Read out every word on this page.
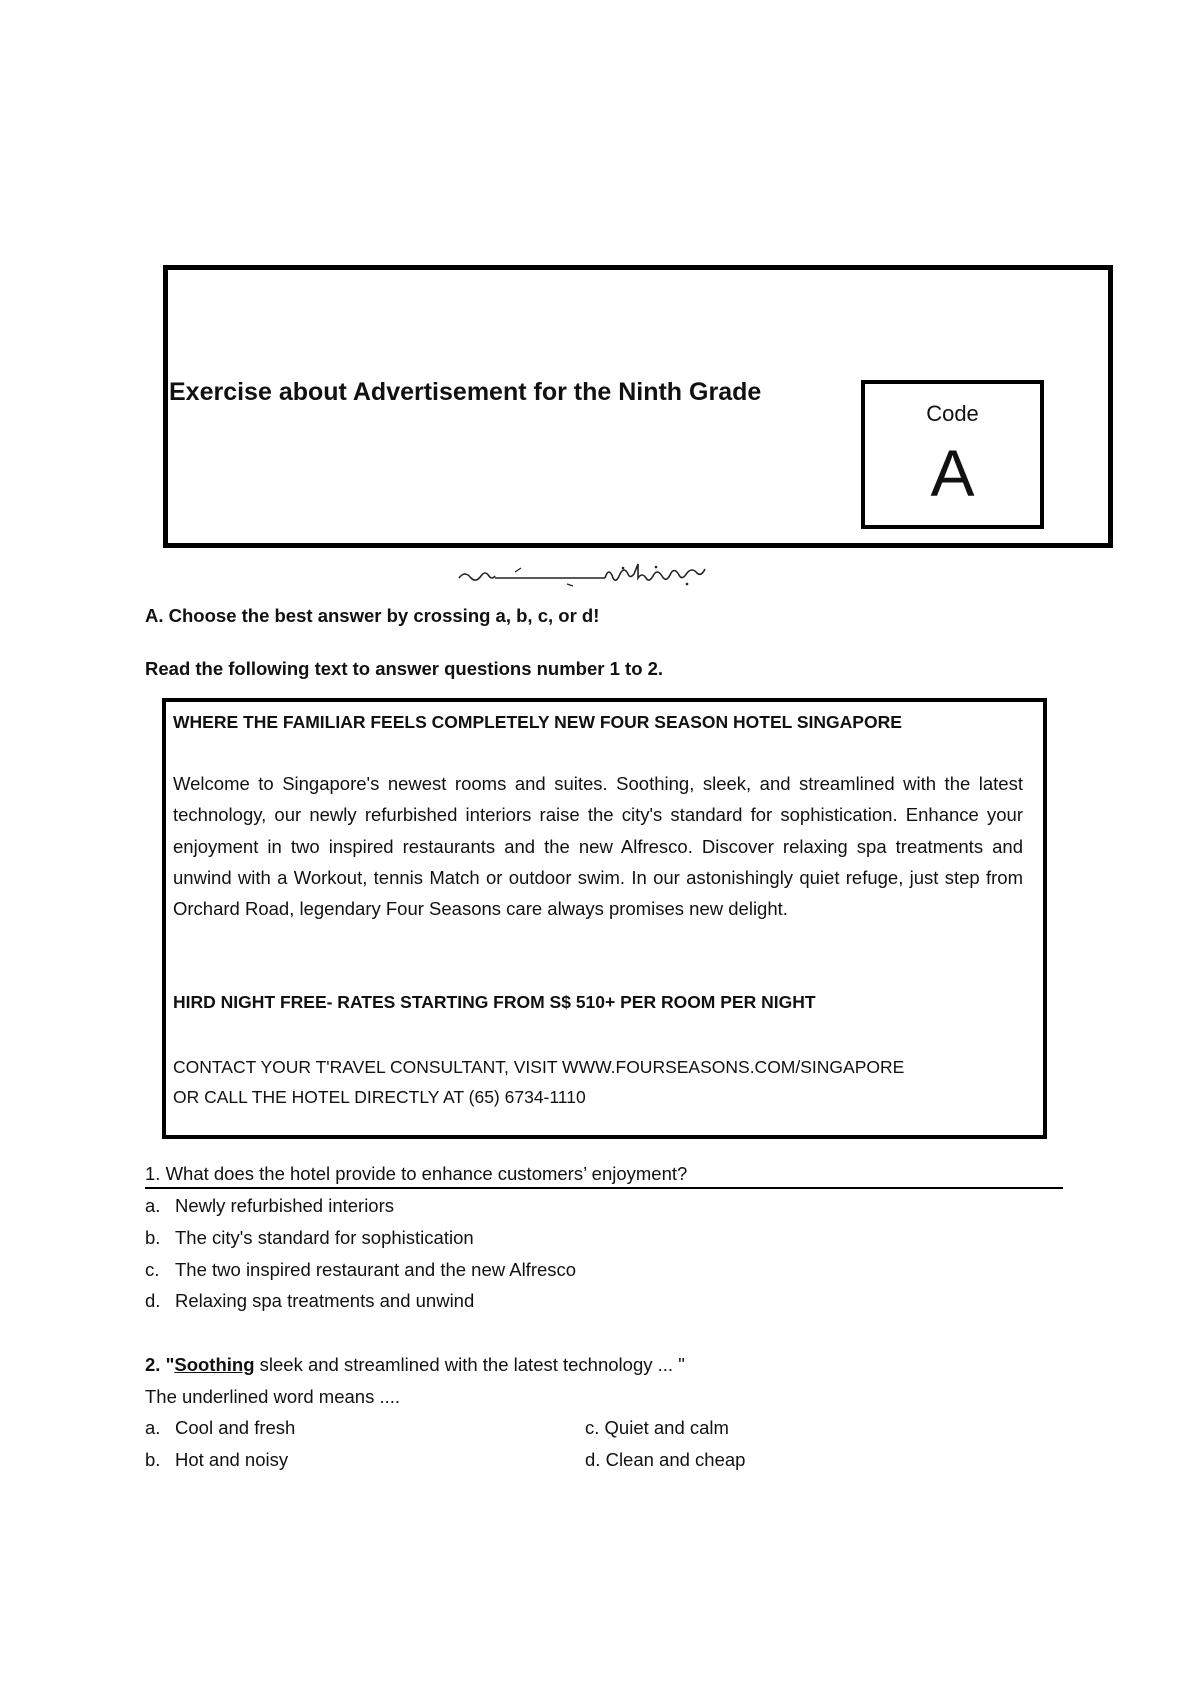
Exercise about Advertisement for the Ninth Grade
Code
A
A. Choose the best answer by crossing a, b, c, or d!
Read the following text to answer questions number 1 to 2.
WHERE THE FAMILIAR FEELS COMPLETELY NEW FOUR SEASON HOTEL SINGAPORE
Welcome to Singapore's newest rooms and suites. Soothing, sleek, and streamlined with the latest technology, our newly refurbished interiors raise the city's standard for sophistication. Enhance your enjoyment in two inspired restaurants and the new Alfresco. Discover relaxing spa treatments and unwind with a Workout, tennis Match or outdoor swim. In our astonishingly quiet refuge, just step from Orchard Road, legendary Four Seasons care always promises new delight.
HIRD NIGHT FREE- RATES STARTING FROM S$ 510+ PER ROOM PER NIGHT
CONTACT YOUR T'RAVEL CONSULTANT, VISIT WWW.FOURSEASONS.COM/SINGAPORE
OR CALL THE HOTEL DIRECTLY AT (65) 6734-1110
1. What does the hotel provide to enhance customers’ enjoyment?
a. Newly refurbished interiors
b. The city's standard for sophistication
c. The two inspired restaurant and the new Alfresco
d. Relaxing spa treatments and unwind
2. "Soothing sleek and streamlined with the latest technology ... "
The underlined word means ....
a. Cool and fresh
b. Hot and noisy
c. Quiet and calm
d. Clean and cheap
